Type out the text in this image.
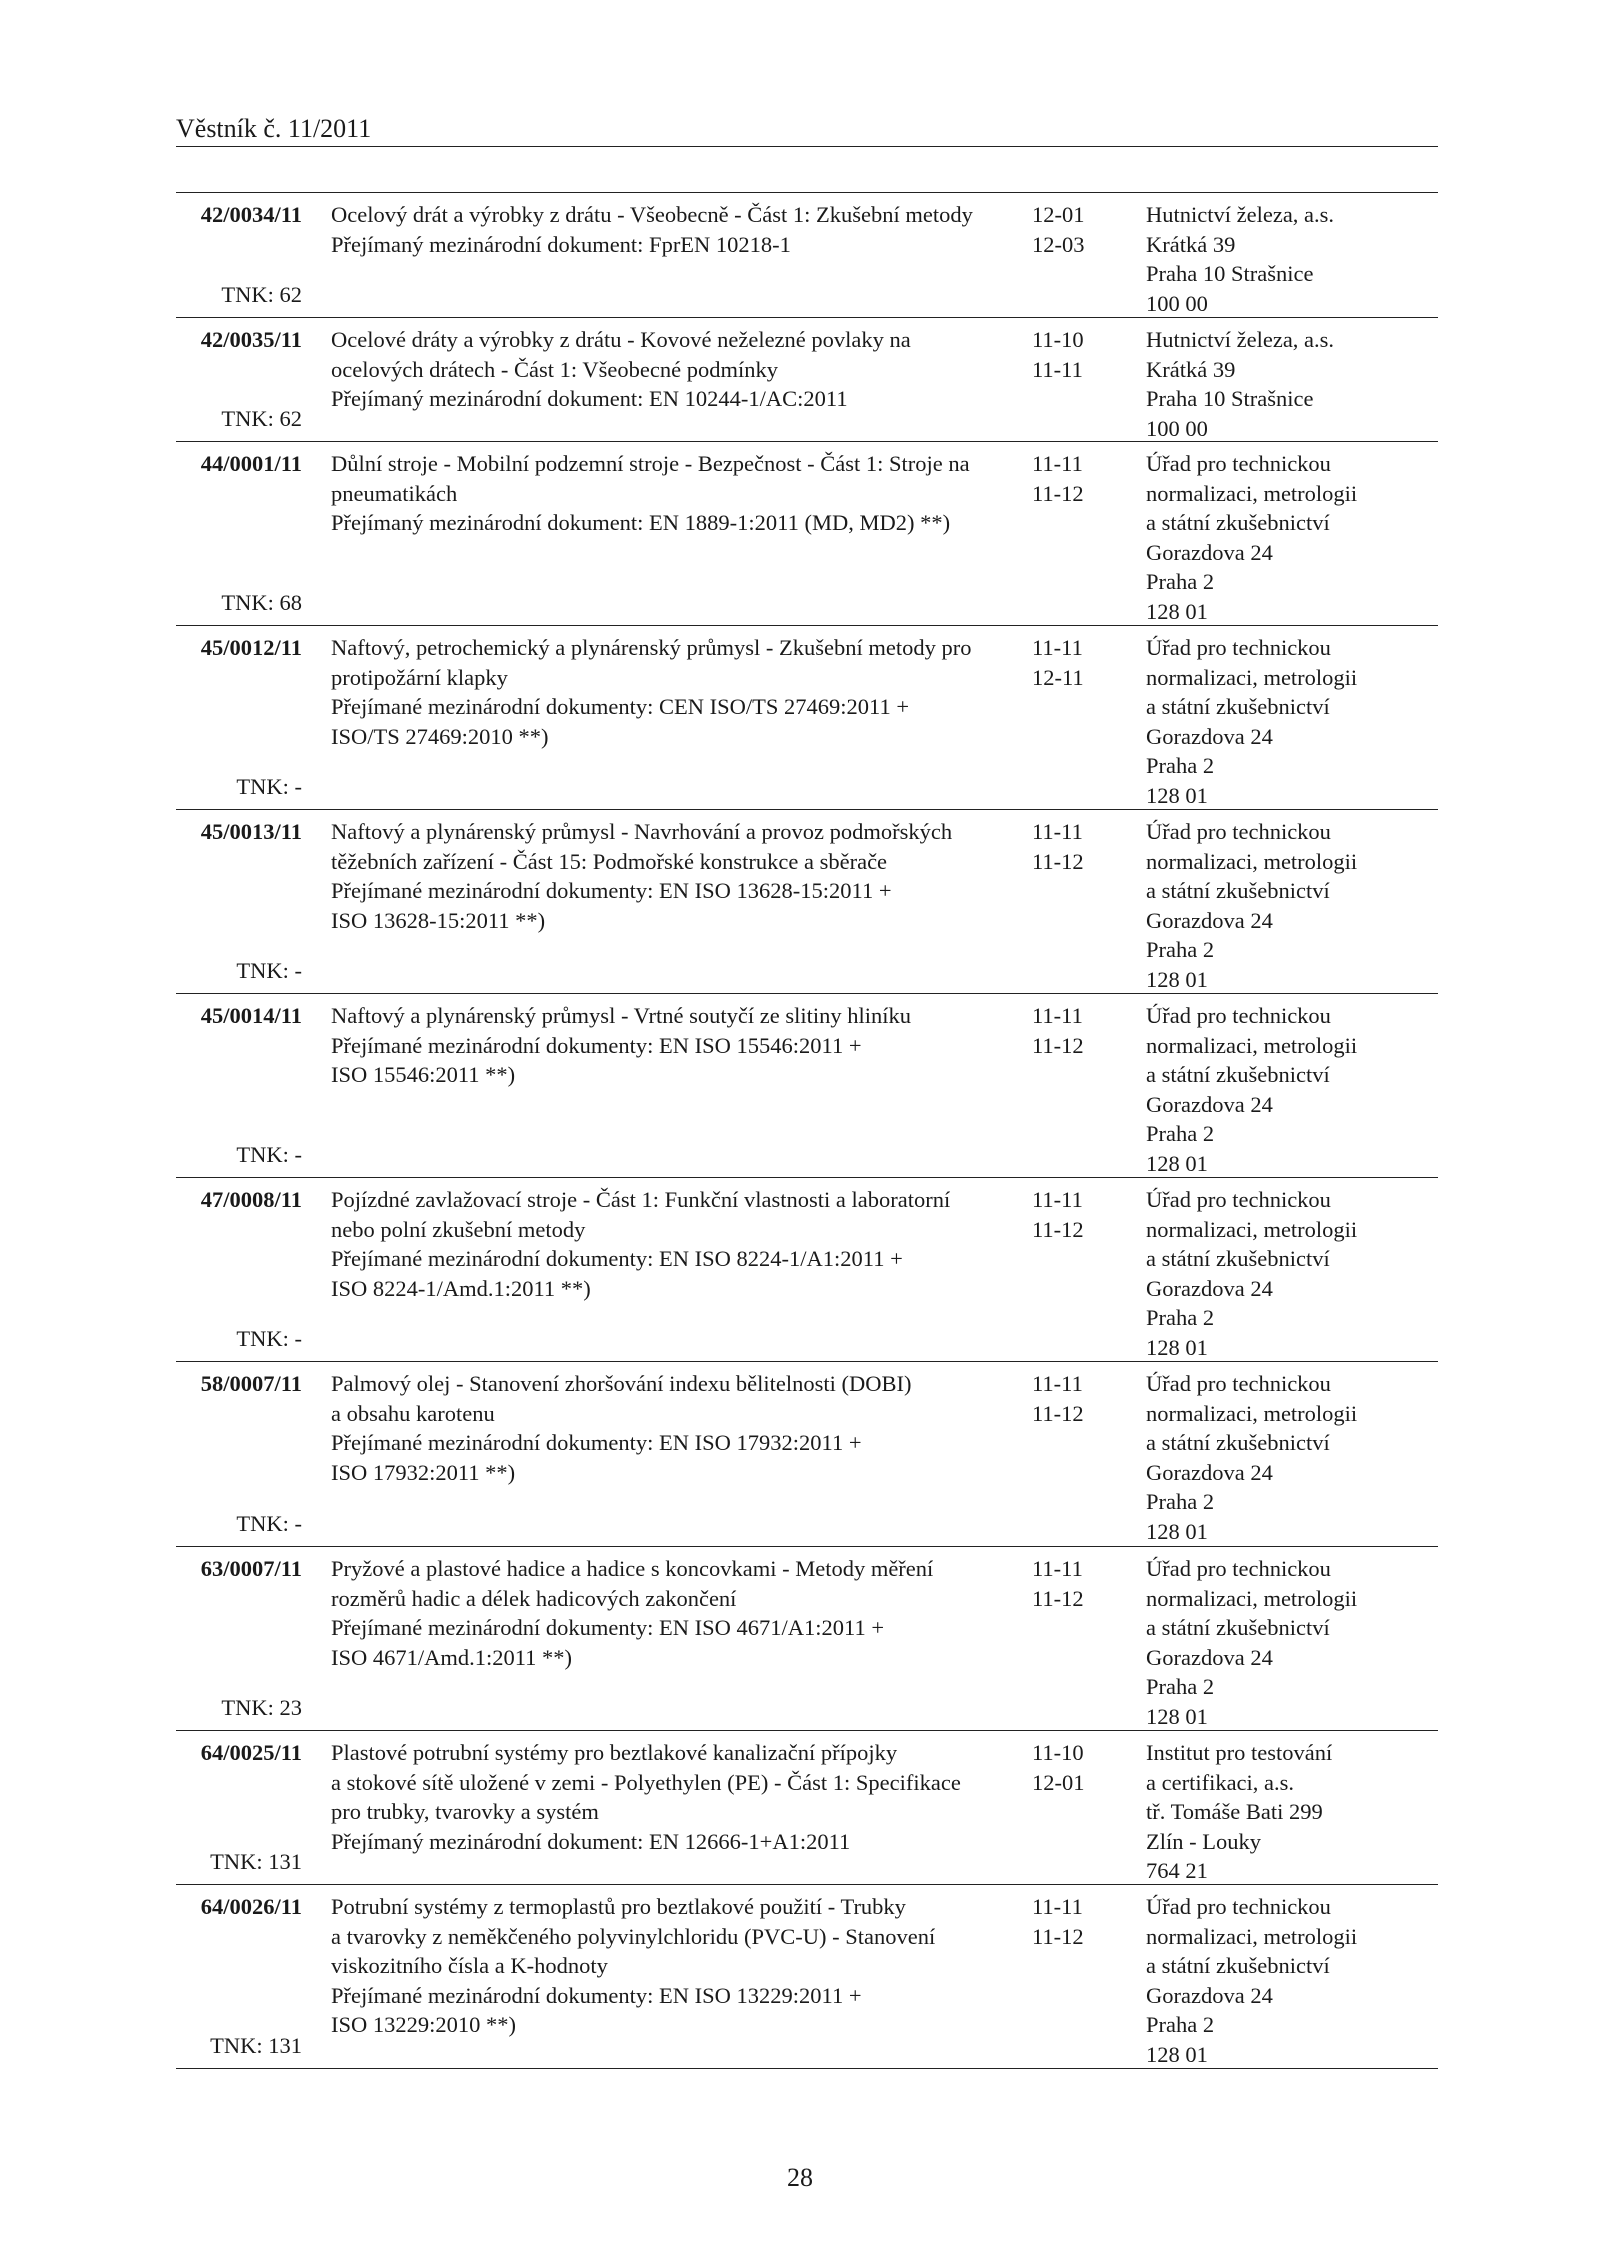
Věstník č. 11/2011
42/0034/11
TNK: 62
Ocelový drát a výrobky z drátu - Všeobecně - Část 1: Zkušební metody
Přejímaný mezinárodní dokument: FprEN 10218-1
12-01
12-03
Hutnictví železa, a.s.
Krátká 39
Praha 10 Strašnice
100 00
42/0035/11
TNK: 62
Ocelové dráty a výrobky z drátu - Kovové neželezné povlaky na
ocelových drátech - Část 1: Všeobecné podmínky
Přejímaný mezinárodní dokument: EN 10244-1/AC:2011
11-10
11-11
Hutnictví železa, a.s.
Krátká 39
Praha 10 Strašnice
100 00
44/0001/11
TNK: 68
Důlní stroje - Mobilní podzemní stroje - Bezpečnost - Část 1: Stroje na
pneumatikách
Přejímaný mezinárodní dokument: EN 1889-1:2011 (MD, MD2) **)
11-11
11-12
Úřad pro technickou
normalizaci, metrologii
a státní zkušebnictví
Gorazdova 24
Praha 2
128 01
45/0012/11
TNK: -
Naftový, petrochemický a plynárenský průmysl - Zkušební metody pro
protipožární klapky
Přejímané mezinárodní dokumenty: CEN ISO/TS 27469:2011 +
ISO/TS 27469:2010 **)
11-11
12-11
Úřad pro technickou
normalizaci, metrologii
a státní zkušebnictví
Gorazdova 24
Praha 2
128 01
45/0013/11
TNK: -
Naftový a plynárenský průmysl - Navrhování a provoz podmořských
těžebních zařízení - Část 15: Podmořské konstrukce a sběrače
Přejímané mezinárodní dokumenty: EN ISO 13628-15:2011 +
ISO 13628-15:2011 **)
11-11
11-12
Úřad pro technickou
normalizaci, metrologii
a státní zkušebnictví
Gorazdova 24
Praha 2
128 01
45/0014/11
TNK: -
Naftový a plynárenský průmysl - Vrtné soutyčí ze slitiny hliníku
Přejímané mezinárodní dokumenty: EN ISO 15546:2011 +
ISO 15546:2011 **)
11-11
11-12
Úřad pro technickou
normalizaci, metrologii
a státní zkušebnictví
Gorazdova 24
Praha 2
128 01
47/0008/11
TNK: -
Pojízdné zavlažovací stroje - Část 1: Funkční vlastnosti a laboratorní
nebo polní zkušební metody
Přejímané mezinárodní dokumenty: EN ISO 8224-1/A1:2011 +
ISO 8224-1/Amd.1:2011 **)
11-11
11-12
Úřad pro technickou
normalizaci, metrologii
a státní zkušebnictví
Gorazdova 24
Praha 2
128 01
58/0007/11
TNK: -
Palmový olej - Stanovení zhoršování indexu bělitelnosti (DOBI)
a obsahu karotenu
Přejímané mezinárodní dokumenty: EN ISO 17932:2011 +
ISO 17932:2011 **)
11-11
11-12
Úřad pro technickou
normalizaci, metrologii
a státní zkušebnictví
Gorazdova 24
Praha 2
128 01
63/0007/11
TNK: 23
Pryžové a plastové hadice a hadice s koncovkami - Metody měření
rozměrů hadic a délek hadicových zakončení
Přejímané mezinárodní dokumenty: EN ISO 4671/A1:2011 +
ISO 4671/Amd.1:2011 **)
11-11
11-12
Úřad pro technickou
normalizaci, metrologii
a státní zkušebnictví
Gorazdova 24
Praha 2
128 01
64/0025/11
TNK: 131
Plastové potrubní systémy pro beztlakové kanalizační přípojky
a stokové sítě uložené v zemi - Polyethylen (PE) - Část 1: Specifikace
pro trubky, tvarovky a systém
Přejímaný mezinárodní dokument: EN 12666-1+A1:2011
11-10
12-01
Institut pro testování
a certifikaci, a.s.
tř. Tomáše Bati 299
Zlín - Louky
764 21
64/0026/11
TNK: 131
Potrubní systémy z termoplastů pro beztlakové použití - Trubky
a tvarovky z neměkčeného polyvinylchloridu (PVC-U) - Stanovení
viskozitního čísla a K-hodnoty
Přejímané mezinárodní dokumenty: EN ISO 13229:2011 +
ISO 13229:2010 **)
11-11
11-12
Úřad pro technickou
normalizaci, metrologii
a státní zkušebnictví
Gorazdova 24
Praha 2
128 01
28
